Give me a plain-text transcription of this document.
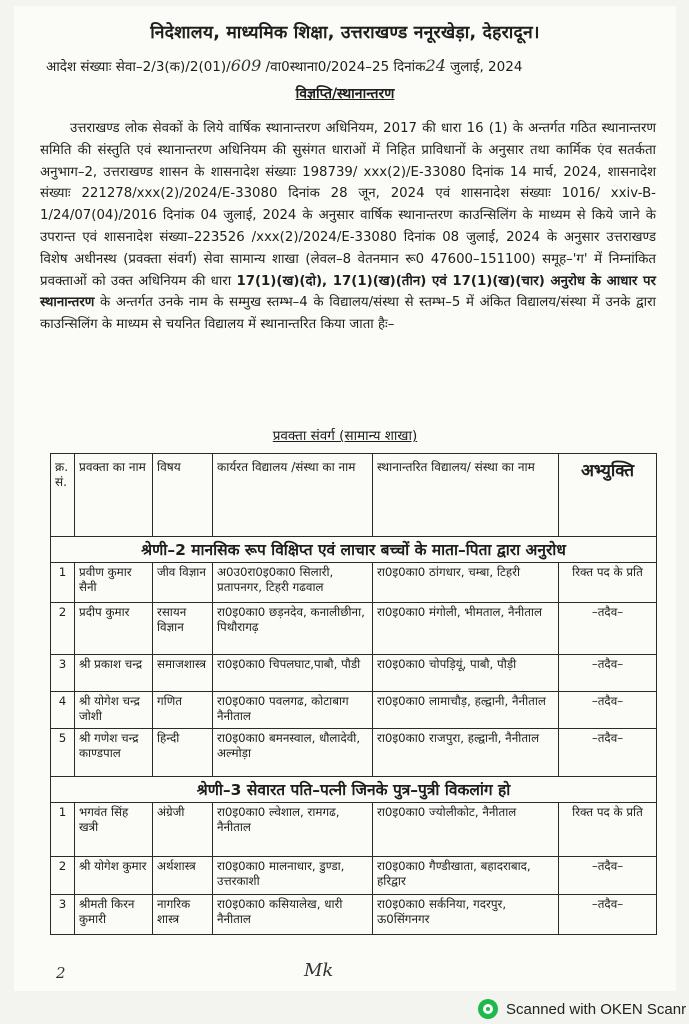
निदेशालय, माध्यमिक शिक्षा, उत्तराखण्ड ननूरखेड़ा, देहरादून।
आदेश संख्याः सेवा–2/3(क)/2(01)/609 /वा0स्थाना0/2024–25 दिनांक24 जुलाई, 2024
विज्ञप्ति/स्थानान्तरण
उत्तराखण्ड लोक सेवकों के लिये वार्षिक स्थानान्तरण अधिनियम, 2017 की धारा 16 (1) के अन्तर्गत गठित स्थानान्तरण समिति की संस्तुति एवं स्थानान्तरण अधिनियम की सुसंगत धाराओं में निहित प्राविधानों के अनुसार तथा कार्मिक एंव सतर्कता अनुभाग–2, उत्तराखण्ड शासन के शासनादेश संख्याः 198739/ xxx(2)/E-33080 दिनांक 14 मार्च, 2024, शासनादेश संख्याः 221278/xxx(2)/2024/E-33080 दिनांक 28 जून, 2024 एवं शासनादेश संख्याः 1016/ xxiv-B-1/24/07(04)/2016 दिनांक 04 जुलाई, 2024 के अनुसार वार्षिक स्थानान्तरण काउन्सिलिंग के माध्यम से किये जाने के उपरान्त एवं शासनादेश संख्या–223526 /xxx(2)/2024/E-33080 दिनांक 08 जुलाई, 2024 के अनुसार उत्तराखण्ड विशेष अधीनस्थ (प्रवक्ता संवर्ग) सेवा सामान्य शाखा (लेवल–8 वेतनमान रू0 47600–151100) समूह–'ग' में निम्नांकित प्रवक्ताओं को उक्त अधिनियम की धारा 17(1)(ख)(दो), 17(1)(ख)(तीन) एवं 17(1)(ख)(चार) अनुरोध के आधार पर स्थानान्तरण के अन्तर्गत उनके नाम के सम्मुख स्तम्भ–4 के विद्यालय/संस्था से स्तम्भ–5 में अंकित विद्यालय/संस्था में उनके द्वारा काउन्सिलिंग के माध्यम से चयनित विद्यालय में स्थानान्तरित किया जाता हैः–
प्रवक्ता संवर्ग (सामान्य शाखा)
क्र. सं.	प्रवक्ता का नाम	विषय	कार्यरत विद्यालय /संस्था का नाम	स्थानान्तरित विद्यालय/ संस्था का नाम	अभ्युक्ति
श्रेणी–2 मानसिक रूप विक्षिप्त एवं लाचार बच्चों के माता–पिता द्वारा अनुरोध					
1	प्रवीण कुमार सैनी	जीव विज्ञान	अ0उ0रा0इ0का0 सिलारी, प्रतापनगर, टिहरी गढवाल	रा0इ0का0 ठांगधार, चम्बा, टिहरी	रिक्त पद के प्रति
2	प्रदीप कुमार	रसायन विज्ञान	रा0इ0का0 छड़नदेव, कनालीछीना, पिथौरागढ़	रा0इ0का0 मंगोली, भीमताल, नैनीताल	–तदैव–
3	श्री प्रकाश चन्द्र	समाजशास्त्र	रा0इ0का0 चिपलघाट,पाबौ, पौडी	रा0इ0का0 चोपड़ियूं, पाबौ, पौड़ी	–तदैव–
4	श्री योगेश चन्द्र जोशी	गणित	रा0इ0का0 पवलगढ, कोटाबाग नैनीताल	रा0इ0का0 लामाचौड़, हल्द्वानी, नैनीताल	–तदैव–
5	श्री गणेश चन्द्र काण्डपाल	हिन्दी	रा0इ0का0 बमनस्वाल, धौलादेवी, अल्मोड़ा	रा0इ0का0 राजपुरा, हल्द्वानी, नैनीताल	–तदैव–
श्रेणी–3 सेवारत पति–पत्नी जिनके पुत्र–पुत्री विकलांग हो					
1	भगवंत सिंह खत्री	अंग्रेजी	रा0इ0का0 ल्वेशाल, रामगढ, नैनीताल	रा0इ0का0 ज्योलीकोट, नैनीताल	रिक्त पद के प्रति
2	श्री योगेश कुमार	अर्थशास्त्र	रा0इ0का0 मालनाधार, डुण्डा, उत्तरकाशी	रा0इ0का0 गैण्डीखाता, बहादराबाद, हरिद्वार	–तदैव–
3	श्रीमती किरन कुमारी	नागरिक शास्त्र	रा0इ0का0 कसियालेख, धारी नैनीताल	रा0इ0का0 सर्कनिया, गदरपुर, ऊ0सिंगनगर	–तदैव–
2	Mk
Scanned with OKEN Scanr
